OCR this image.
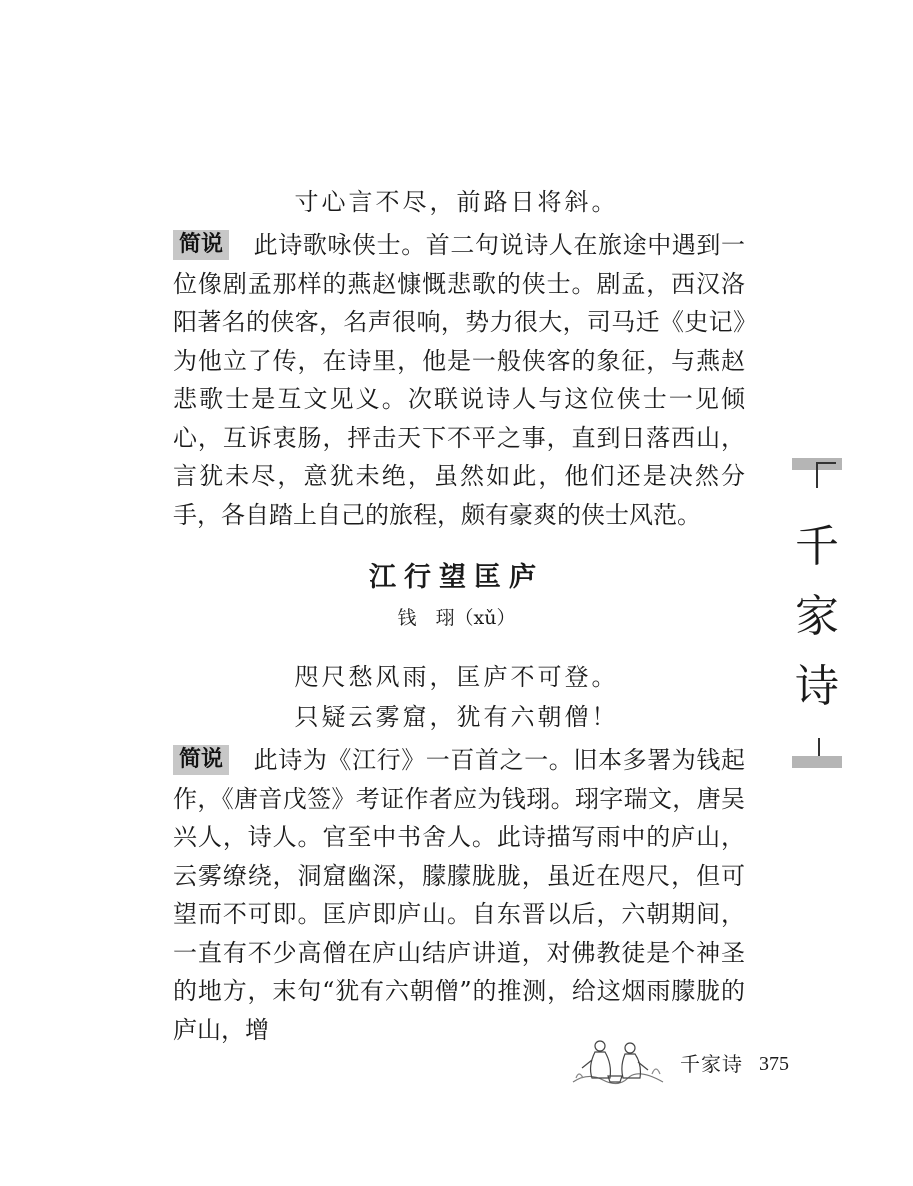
寸心言不尽，前路日将斜。

简说 此诗歌咏侠士。首二句说诗人在旅途中遇到一位像剧孟那样的燕赵慷慨悲歌的侠士。剧孟，西汉洛阳著名的侠客，名声很响，势力很大，司马迁《史记》为他立了传，在诗里，他是一般侠客的象征，与燕赵悲歌士是互文见义。次联说诗人与这位侠士一见倾心，互诉衷肠，抨击天下不平之事，直到日落西山，言犹未尽，意犹未绝，虽然如此，他们还是决然分手，各自踏上自己的旅程，颇有豪爽的侠士风范。

江行望匡庐
钱　珝（xǔ）
咫尺愁风雨，匡庐不可登。
只疑云雾窟，犹有六朝僧！

简说 此诗为《江行》一百首之一。旧本多署为钱起作，《唐音戊签》考证作者应为钱珝。珝字瑞文，唐吴兴人，诗人。官至中书舍人。此诗描写雨中的庐山，云雾缭绕，洞窟幽深，朦朦胧胧，虽近在咫尺，但可望而不可即。匡庐即庐山。自东晋以后，六朝期间，一直有不少高僧在庐山结庐讲道，对佛教徒是个神圣的地方，末句“犹有六朝僧”的推测，给这烟雨朦胧的庐山，增

千
家
诗
千家诗 375
